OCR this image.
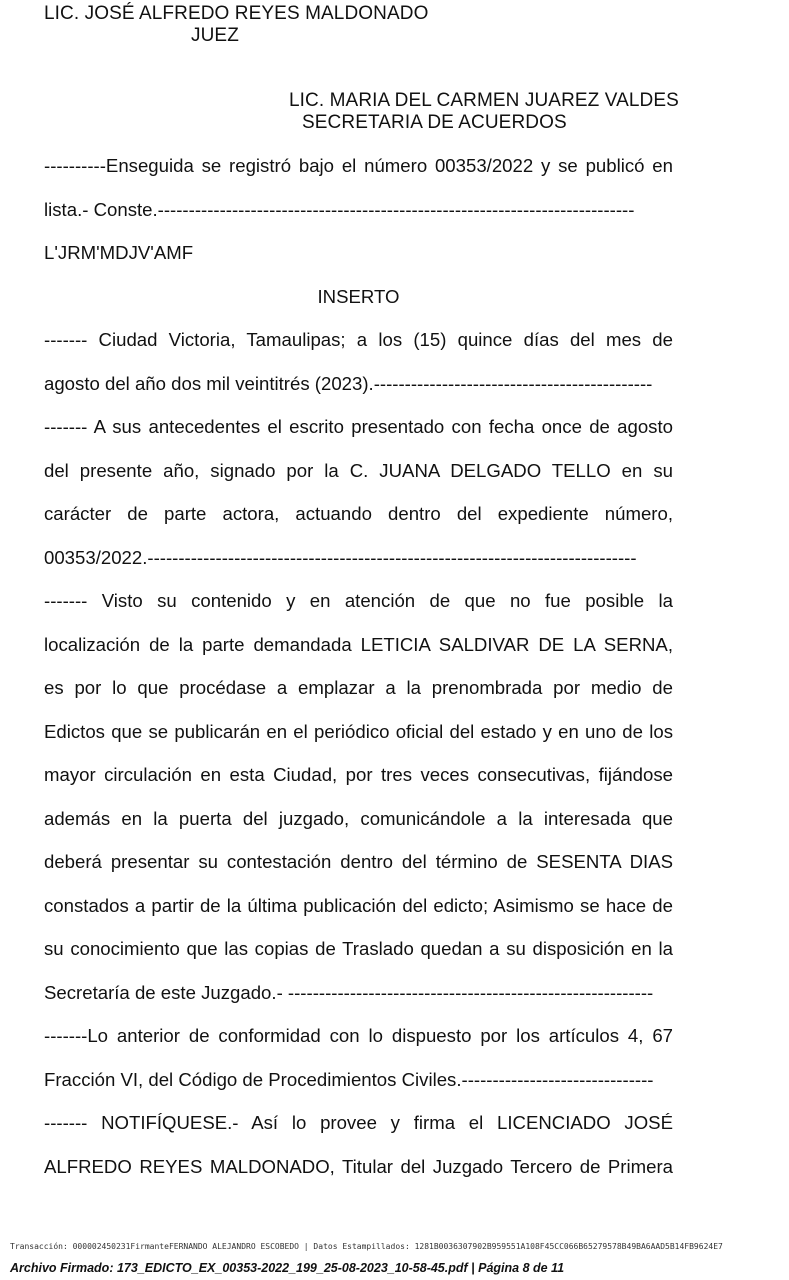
LIC. JOSÉ ALFREDO REYES MALDONADO
JUEZ
LIC. MARIA DEL CARMEN JUAREZ VALDES
SECRETARIA DE ACUERDOS
----------Enseguida se registró bajo el número 00353/2022 y se publicó en
lista.- Conste.-----------------------------------------------------------------------------
L'JRM'MDJV'AMF
INSERTO
------- Ciudad Victoria, Tamaulipas; a los (15) quince días del mes de
agosto del año dos mil veintitrés (2023).---------------------------------------------
------- A sus antecedentes el escrito presentado con fecha once de agosto
del presente año, signado por la C. JUANA DELGADO TELLO en su
carácter de parte actora, actuando dentro del expediente número,
00353/2022.-------------------------------------------------------------------------------
------- Visto su contenido y en atención de que no fue posible la
localización de la parte demandada LETICIA SALDIVAR DE LA SERNA,
es por lo que procédase a emplazar a la prenombrada por medio de
Edictos que se publicarán en el periódico oficial del estado y en uno de los
mayor circulación en esta Ciudad, por tres veces consecutivas, fijándose
además en la puerta del juzgado, comunicándole a la interesada que
deberá presentar su contestación dentro del término de SESENTA DIAS
constados a partir de la última publicación del edicto; Asimismo se hace de
su conocimiento que las copias de Traslado quedan a su disposición en la
Secretaría de este Juzgado.- -----------------------------------------------------------
-------Lo anterior de conformidad con lo dispuesto por los artículos 4, 67
Fracción VI, del Código de Procedimientos Civiles.-------------------------------
------- NOTIFÍQUESE.- Así lo provee y firma el LICENCIADO JOSÉ
ALFREDO REYES MALDONADO, Titular del Juzgado Tercero de Primera
Transacción: 000002450231FirmanteFERNANDO ALEJANDRO ESCOBEDO | Datos Estampillados: 1281B0036307902B959551A108F45CC066B65279578B49BA6AAD5B14FB9624E7
Archivo Firmado: 173_EDICTO_EX_00353-2022_199_25-08-2023_10-58-45.pdf | Página 8 de 11
